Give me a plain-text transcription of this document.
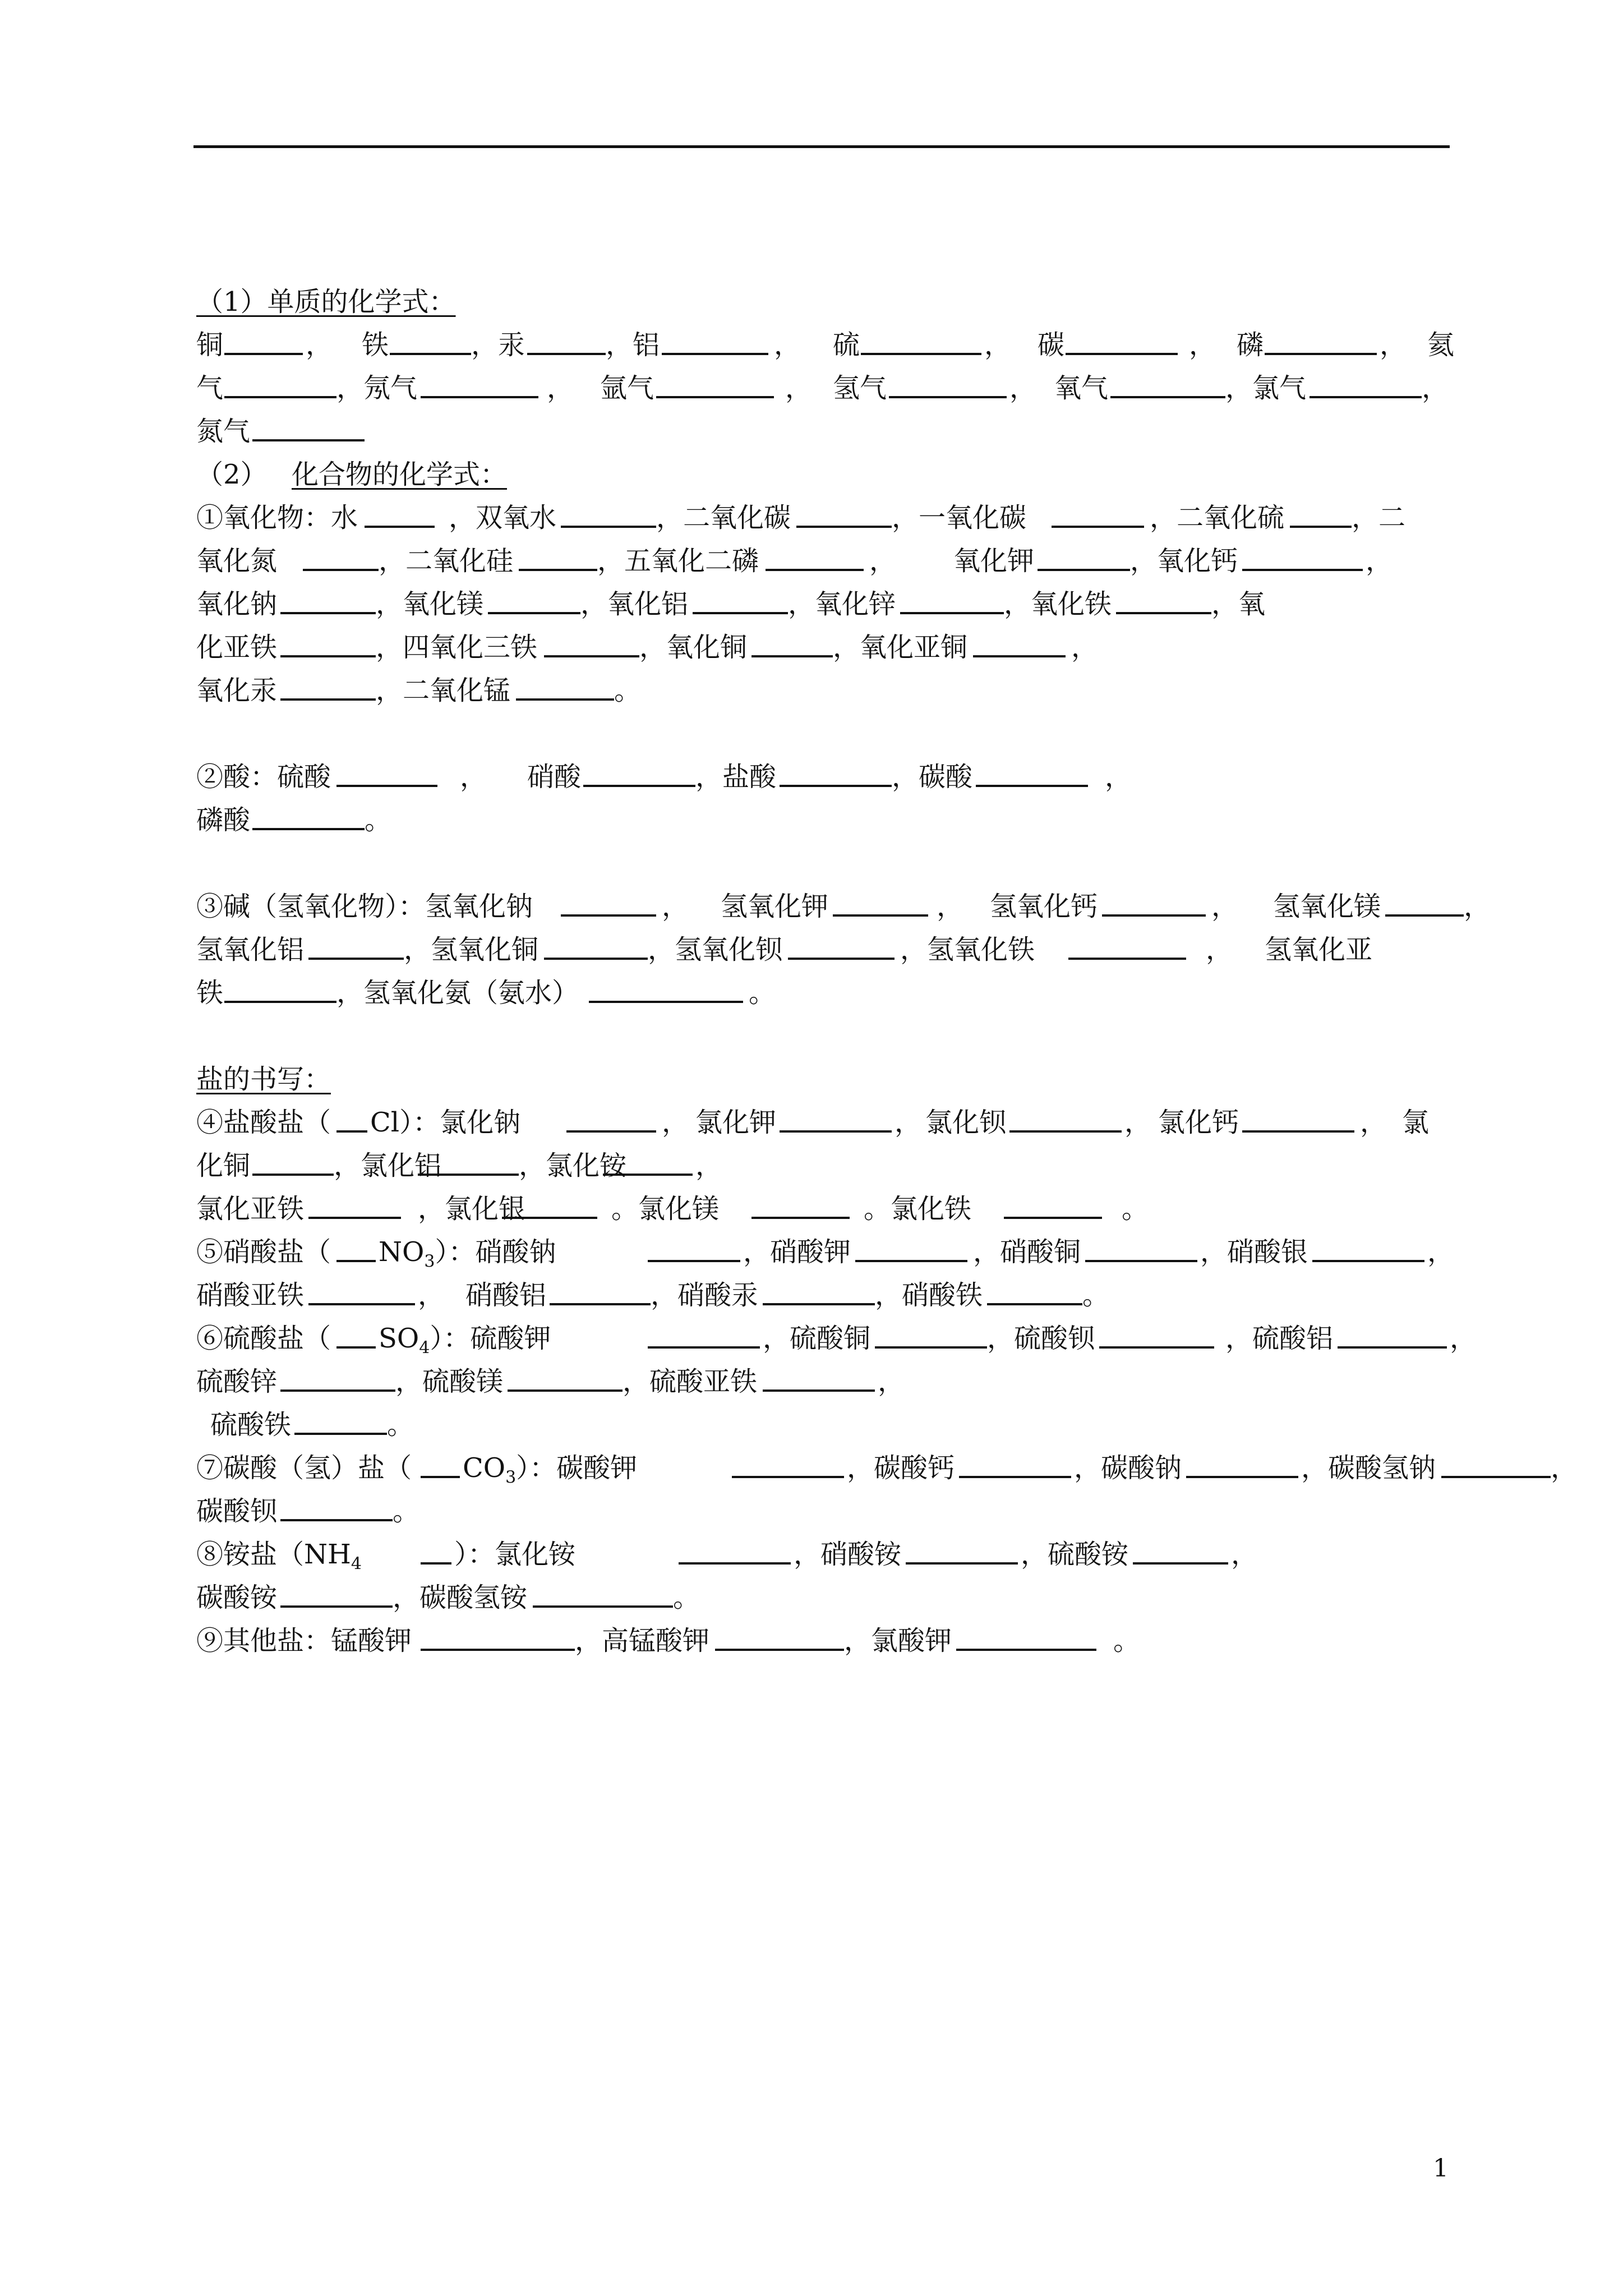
（1）单质的化学式：
铜	， 铁	，汞	，铝	， 硫	， 碳	， 磷	， 氦
气	，氖气	， 氩气	， 氢气	， 氧气	，氯气	，
氮气
（2） 化合物的化学式：
①氧化物：水	，双氧水	，二氧化碳	，一氧化碳	，二氧化硫 ，二
氧化氮	，二氧化硅	，五氧化二磷	， 氧化钾	，氧化钙	，
氧化钠	，氧化镁	，氧化铝	，氧化锌	，氧化铁	，氧
化亚铁	，四氧化三铁	，氧化铜	，氧化亚铜	，
氧化汞	，二氧化锰	。
②酸：硫酸	， 硝酸	，盐酸	，碳酸	，
磷酸	。
③碱（氢氧化物）：氢氧化钠	， 氢氧化钾	， 氢氧化钙	， 氢氧化镁	，
氢氧化铝	，氢氧化铜	，氢氧化钡	，氢氧化铁	， 氢氧化亚
铁	，氢氧化氨（氨水）	。
盐的书写：
④盐酸盐（ Cl）：氯化钠	， 氯化钾	， 氯化钡	， 氯化钙	， 氯
化铜	，氯化铝	，氯化铵	，
氯化亚铁	，氯化银	。氯化镁	。氯化铁	。
⑤硝酸盐（ $NO_3$）：硝酸钠	，硝酸钾	，硝酸铜	，硝酸银	，
硝酸亚铁	， 硝酸铝	，硝酸汞	，硝酸铁	。
⑥硫酸盐（ $SO_4$）：硫酸钾	，硫酸铜	，硫酸钡	，硫酸铝	，
硫酸锌	，硫酸镁	，硫酸亚铁	，
硫酸铁	。
⑦碳酸（氢）盐（ $CO_3$）：碳酸钾	，碳酸钙	，碳酸钠	，碳酸氢钠	，
碳酸钡	。
⑧铵盐（$NH_4$	）：氯化铵	，硝酸铵	，硫酸铵	，
碳酸铵	，碳酸氢铵	。
⑨其他盐：锰酸钾	，高锰酸钾	，氯酸钾	。
1
